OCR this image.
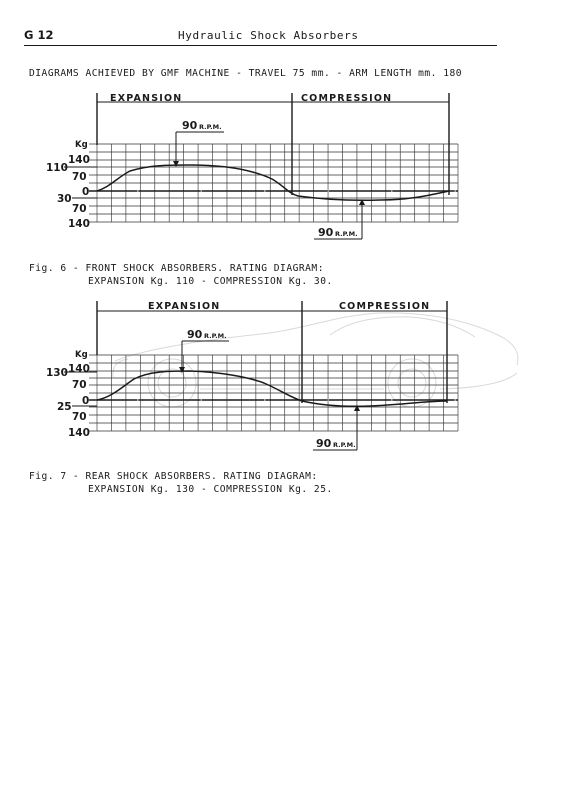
G 12	Hydraulic Shock Absorbers
DIAGRAMS ACHIEVED BY GMF MACHINE - TRAVEL 75 mm. - ARM LENGTH mm. 180
EXPANSION	COMPRESSION
90 R.P.M.
Kg
140
70
0
70
140
110
30
90 R.P.M.
Fig. 6 - FRONT SHOCK ABSORBERS. RATING DIAGRAM:
EXPANSION Kg. 110 - COMPRESSION Kg. 30.
EXPANSION	COMPRESSION
90 R.P.M.
Kg
140
70
0
70
140
130
25
90 R.P.M.
Fig. 7 - REAR SHOCK ABSORBERS. RATING DIAGRAM:
EXPANSION Kg. 130 - COMPRESSION Kg. 25.
